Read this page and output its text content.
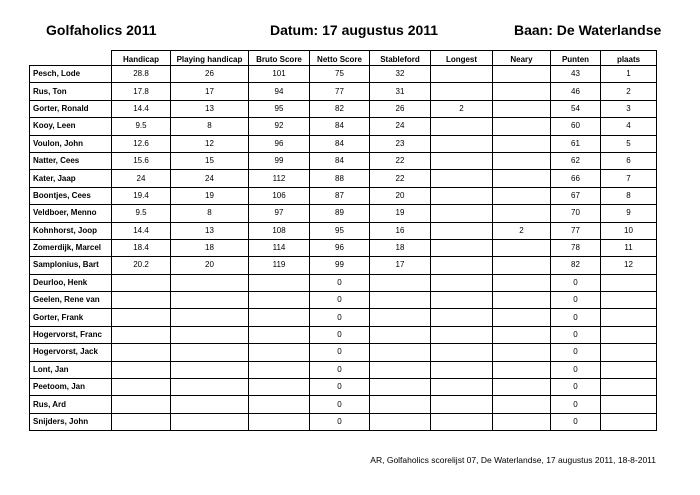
Golfaholics 2011	Datum: 17 augustus 2011	Baan: De Waterlandse
	Handicap	Playing handicap	Bruto Score	Netto Score	Stableford	Longest	Neary	Punten	plaats
Pesch, Lode	28.8	26	101	75	32			43	1
Rus, Ton	17.8	17	94	77	31			46	2
Gorter, Ronald	14.4	13	95	82	26	2		54	3
Kooy, Leen	9.5	8	92	84	24			60	4
Voulon, John	12.6	12	96	84	23			61	5
Natter, Cees	15.6	15	99	84	22			62	6
Kater, Jaap	24	24	112	88	22			66	7
Boontjes, Cees	19.4	19	106	87	20			67	8
Veldboer, Menno	9.5	8	97	89	19			70	9
Kohnhorst, Joop	14.4	13	108	95	16		2	77	10
Zomerdijk, Marcel	18.4	18	114	96	18			78	11
Samplonius, Bart	20.2	20	119	99	17			82	12
Deurloo, Henk				0				0	
Geelen, Rene van				0				0	
Gorter, Frank				0				0	
Hogervorst, Franc				0				0	
Hogervorst, Jack				0				0	
Lont, Jan				0				0	
Peetoom, Jan				0				0	
Rus, Ard				0				0	
Snijders, John				0				0	
AR, Golfaholics scorelijst 07, De Waterlandse, 17 augustus 2011, 18-8-2011
